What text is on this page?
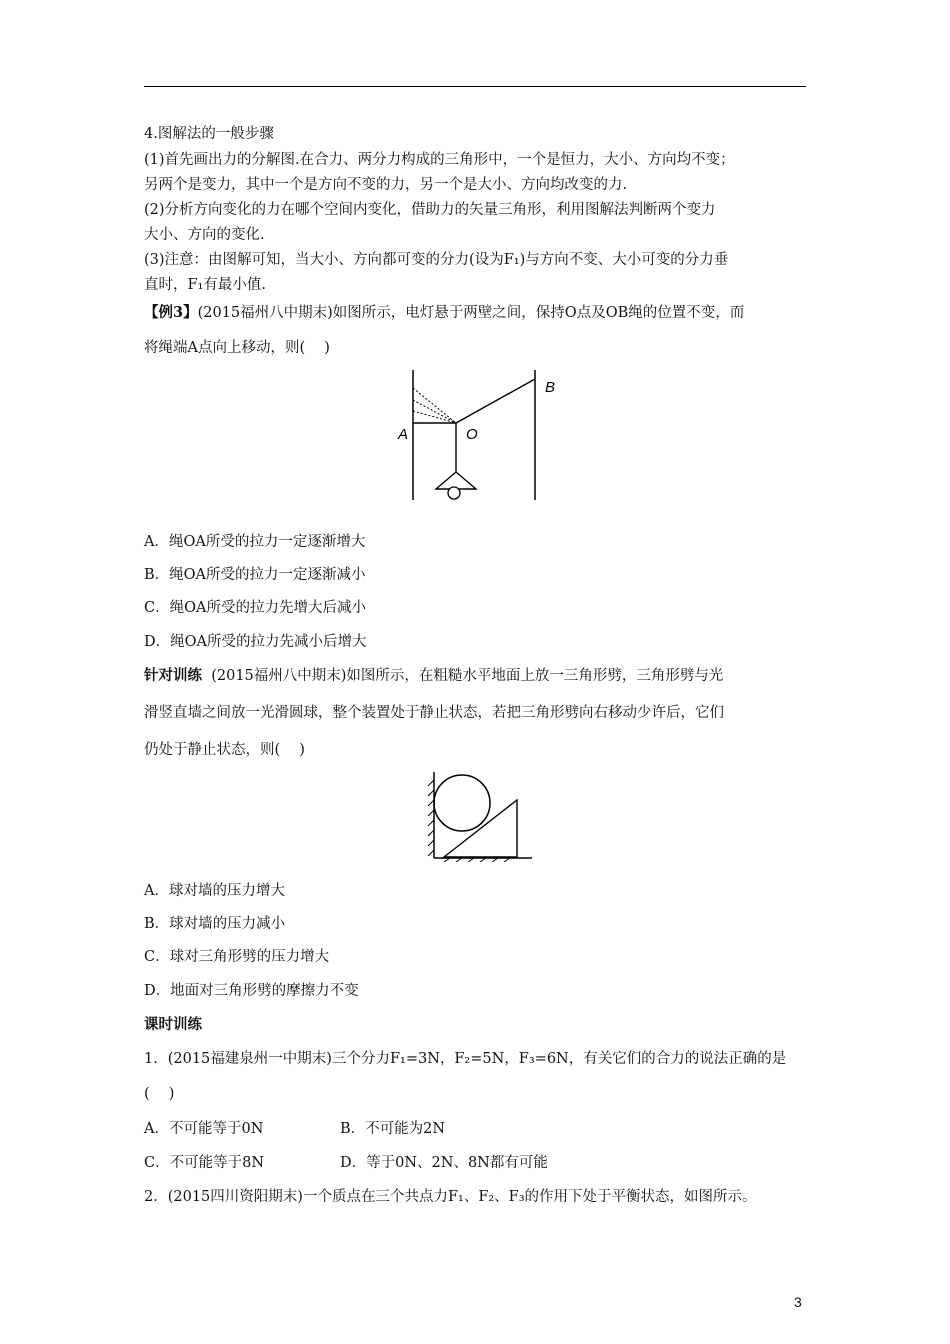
4.图解法的一般步骤
(1)首先画出力的分解图.在合力、两分力构成的三角形中，一个是恒力，大小、方向均不变；
另两个是变力，其中一个是方向不变的力，另一个是大小、方向均改变的力.
(2)分析方向变化的力在哪个空间内变化，借助力的矢量三角形，利用图解法判断两个变力
大小、方向的变化.
(3)注意：由图解可知，当大小、方向都可变的分力(设为F₁)与方向不变、大小可变的分力垂
直时，F₁有最小值.
【例3】(2015福州八中期末)如图所示，电灯悬于两壁之间，保持O点及OB绳的位置不变，而
将绳端A点向上移动，则(　 )
A	O
B
A．绳OA所受的拉力一定逐渐增大
B．绳OA所受的拉力一定逐渐减小
C．绳OA所受的拉力先增大后减小
D．绳OA所受的拉力先减小后增大
针对训练 (2015福州八中期末)如图所示，在粗糙水平地面上放一三角形劈，三角形劈与光
滑竖直墙之间放一光滑圆球，整个装置处于静止状态，若把三角形劈向右移动少许后，它们
仍处于静止状态，则(　 )
A．球对墙的压力增大
B．球对墙的压力减小
C．球对三角形劈的压力增大
D．地面对三角形劈的摩擦力不变
课时训练
1．(2015福建泉州一中期末)三个分力F₁=3N，F₂=5N，F₃=6N，有关它们的合力的说法正确的是
(　 )
A．不可能等于0N	B．不可能为2N
C．不可能等于8N	D．等于0N、2N、8N都有可能
2．(2015四川资阳期末)一个质点在三个共点力F₁、F₂、F₃的作用下处于平衡状态，如图所示。
3
